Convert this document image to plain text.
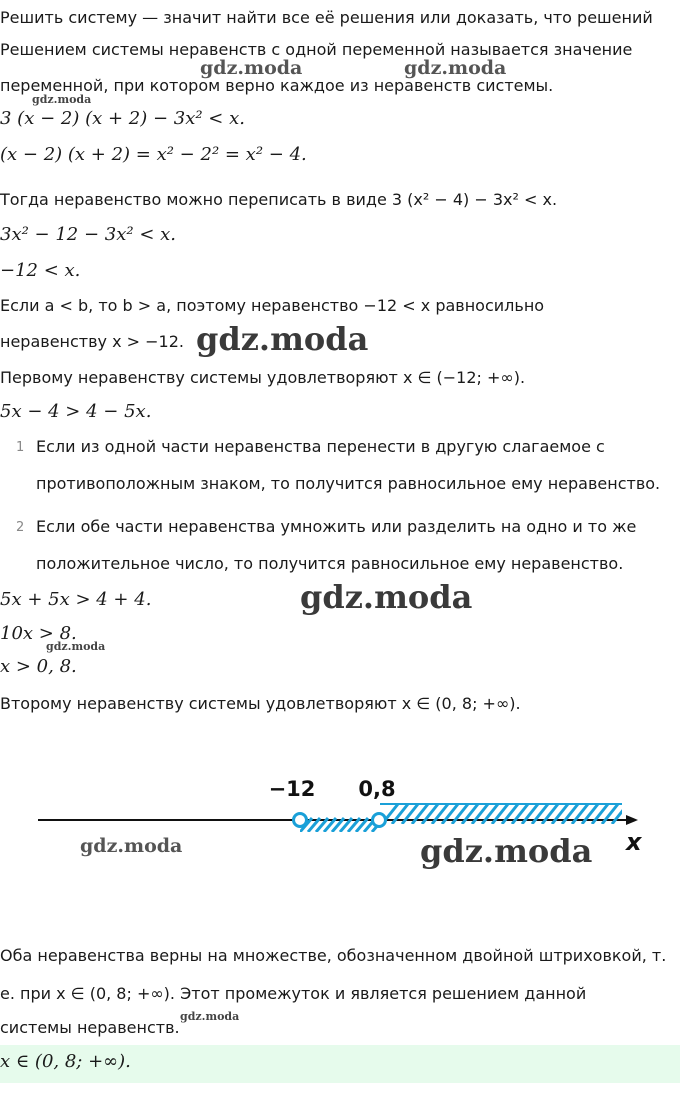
Решить систему — значит найти все её решения или доказать, что решений
Решением системы неравенств с одной переменной называется значение
переменной, при котором верно каждое из неравенств системы.
3 (x − 2) (x + 2) − 3x² < x.
(x − 2) (x + 2) = x² − 2² = x² − 4.
Тогда неравенство можно переписать в виде 3 (x² − 4) − 3x² < x.
3x² − 12 − 3x² < x.
−12 < x.
Если a < b, то b > a, поэтому неравенство −12 < x равносильно
неравенству x > −12.
Первому неравенству системы удовлетворяют x ∈ (−12; +∞).
5x − 4 > 4 − 5x.
1 Если из одной части неравенства перенести в другую слагаемое с
противоположным знаком, то получится равносильное ему неравенство.
2 Если обе части неравенства умножить или разделить на одно и то же
положительное число, то получится равносильное ему неравенство.
5x + 5x > 4 + 4.
10x > 8.
x > 0, 8.
Второму неравенству системы удовлетворяют x ∈ (0, 8; +∞).
−12 0,8
x
Оба неравенства верны на множестве, обозначенном двойной штриховкой, т.
е. при x ∈ (0, 8; +∞). Этот промежуток и является решением данной
системы неравенств.
x ∈ (0, 8; +∞).
gdz.moda	gdz.moda
gdz.moda
gdz.moda
gdz.moda
gdz.moda
gdz.moda	gdz.moda
gdz.moda
